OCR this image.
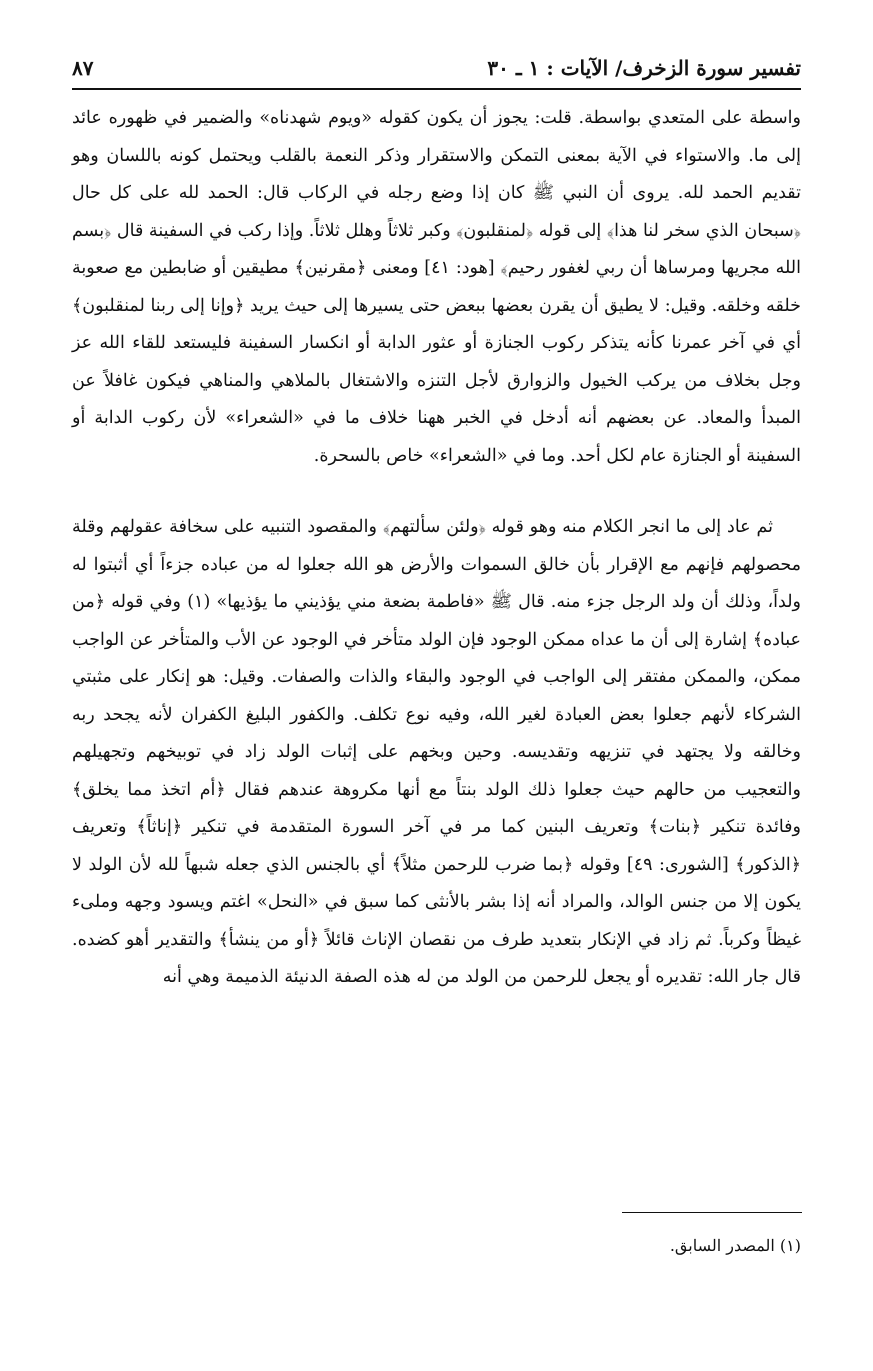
تفسير سورة الزخرف/ الآيات : ١ ـ ٣٠
٨٧

واسطة على المتعدي بواسطة. قلت: يجوز أن يكون كقوله «ويوم شهدناه» والضمير في ظهوره عائد إلى ما. والاستواء في الآية بمعنى التمكن والاستقرار وذكر النعمة بالقلب ويحتمل كونه باللسان وهو تقديم الحمد لله. يروى أن النبي ﷺ كان إذا وضع رجله في الركاب قال: الحمد لله على كل حال ﴿سبحان الذي سخر لنا هذا﴾ إلى قوله ﴿لمنقلبون﴾ وكبر ثلاثاً وهلل ثلاثاً. وإذا ركب في السفينة قال ﴿بسم الله مجريها ومرساها أن ربي لغفور رحيم﴾ [هود: ٤١] ومعنى ﴿مقرنين﴾ مطيقين أو ضابطين مع صعوبة خلقه وخلقه. وقيل: لا يطيق أن يقرن بعضها ببعض حتى يسيرها إلى حيث يريد ﴿وإنا إلى ربنا لمنقلبون﴾ أي في آخر عمرنا كأنه يتذكر ركوب الجنازة أو عثور الدابة أو انكسار السفينة فليستعد للقاء الله عز وجل بخلاف من يركب الخيول والزوارق لأجل التنزه والاشتغال بالملاهي والمناهي فيكون غافلاً عن المبدأ والمعاد. عن بعضهم أنه أدخل في الخبر ههنا خلاف ما في «الشعراء» لأن ركوب الدابة أو السفينة أو الجنازة عام لكل أحد. وما في «الشعراء» خاص بالسحرة.

ثم عاد إلى ما انجر الكلام منه وهو قوله ﴿ولئن سألتهم﴾ والمقصود التنبيه على سخافة عقولهم وقلة محصولهم فإنهم مع الإقرار بأن خالق السموات والأرض هو الله جعلوا له من عباده جزءاً أي أثبتوا له ولداً، وذلك أن ولد الرجل جزء منه. قال ﷺ «فاطمة بضعة مني يؤذيني ما يؤذيها» (١) وفي قوله ﴿من عباده﴾ إشارة إلى أن ما عداه ممكن الوجود فإن الولد متأخر في الوجود عن الأب والمتأخر عن الواجب ممكن، والممكن مفتقر إلى الواجب في الوجود والبقاء والذات والصفات. وقيل: هو إنكار على مثبتي الشركاء لأنهم جعلوا بعض العبادة لغير الله، وفيه نوع تكلف. والكفور البليغ الكفران لأنه يجحد ربه وخالقه ولا يجتهد في تنزيهه وتقديسه. وحين وبخهم على إثبات الولد زاد في توبيخهم وتجهيلهم والتعجيب من حالهم حيث جعلوا ذلك الولد بنتاً مع أنها مكروهة عندهم فقال ﴿أم اتخذ مما يخلق﴾ وفائدة تنكير ﴿بنات﴾ وتعريف البنين كما مر في آخر السورة المتقدمة في تنكير ﴿إناثاً﴾ وتعريف ﴿الذكور﴾ [الشورى: ٤٩] وقوله ﴿بما ضرب للرحمن مثلاً﴾ أي بالجنس الذي جعله شبهاً لله لأن الولد لا يكون إلا من جنس الوالد، والمراد أنه إذا بشر بالأنثى كما سبق في «النحل» اغتم ويسود وجهه وملىء غيظاً وكرباً. ثم زاد في الإنكار بتعديد طرف من نقصان الإناث قائلاً ﴿أو من ينشأ﴾ والتقدير أهو كضده. قال جار الله: تقديره أو يجعل للرحمن من الولد من له هذه الصفة الدنيئة الذميمة وهي أنه

(١) المصدر السابق.
